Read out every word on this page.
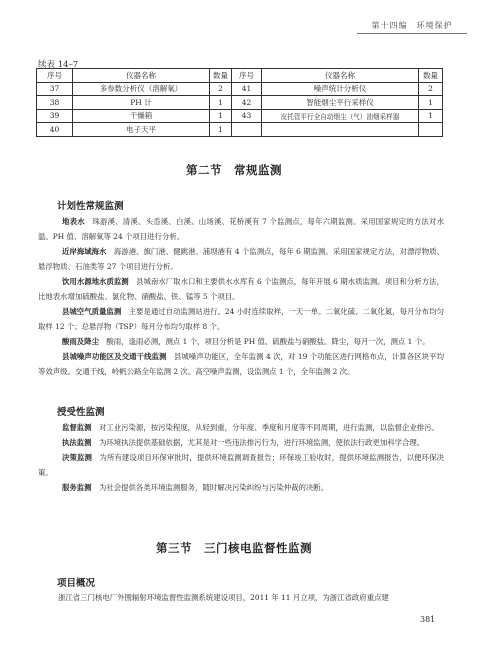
第十四编　环境保护
续表 14–7
序号	仪器名称	数量	序号	仪器名称	数量
37	多参数分析仪（溶解氧）	2	41	噪声统计分析仪	2
38	PH 计	1	42	智能烟尘平行采样仪	1
39	干燥箱	1	43	皮托管平行全自动烟尘（气）油烟采样器	1
40	电子天平	1			
第二节　常规监测
计划性常规监测

地表水　珠游溪、清溪、头岙溪、白溪、山场溪、花桥溪有 7 个监测点，每年六期监测。采用国家规定的方法对水温、PH 值、溶解氧等 24 个项目进行分析。

近岸海域海水　海游港、旗门港、健跳港、浦坝港有 4 个监测点，每年 6 期监测。采用国家规定方法，对漂浮物质、悬浮物质、石油类等 27 个项目进行分析。

饮用水源地水质监测　县城南水厂取水口和主要供水水库有 6 个监测点，每年开展 6 期水质监测。项目和分析方法，比地表水增加硫酸盐、氯化物、硝酸盐、铁、锰等 5 个项目。

县城空气质量监测　主要是通过自动监测站进行。24 小时连续取样，一天一单。二氧化硫、二氧化氮，每月分布均匀取样 12 个；总悬浮物（TSP）每月分布均匀取样 8 个。

酸雨及降尘　酸雨，逢雨必测，测点 1 个，项目分析是 PH 值、硫酸盐与硝酸盐。降尘，每月一次，测点 1 个。

县城噪声功能区及交通干线监测　县城噪声功能区，全年监测 4 次，对 19 个功能区进行网格布点，计算各区块平均等效声级。交通干线，岭帆公路全年监测 2 次。高空噪声监测，设监测点 1 个，全年监测 2 次。

授受性监测

监督监测　对工业污染源，按污染程度，从轻到重，分年度、季度和月度等不同周期，进行监测，以监督企业排污。

执法监测　为环境执法提供基础依据，尤其是对一些违法排污行为，进行环境监测，使依法行政更加科学合理。

决策监测　为所有建设项目环保审批时，提供环境监测调查报告；环保竣工验收时，提供环境监测报告，以便环保决策。

服务监测　为社会提供各类环境监测服务，随时解决污染纠纷与污染仲裁的决断。

第三节　三门核电监督性监测
项目概况

浙江省三门核电厂外围辐射环境监督性监测系统建设项目，2011 年 11 月立项，为浙江省政府重点建

381
